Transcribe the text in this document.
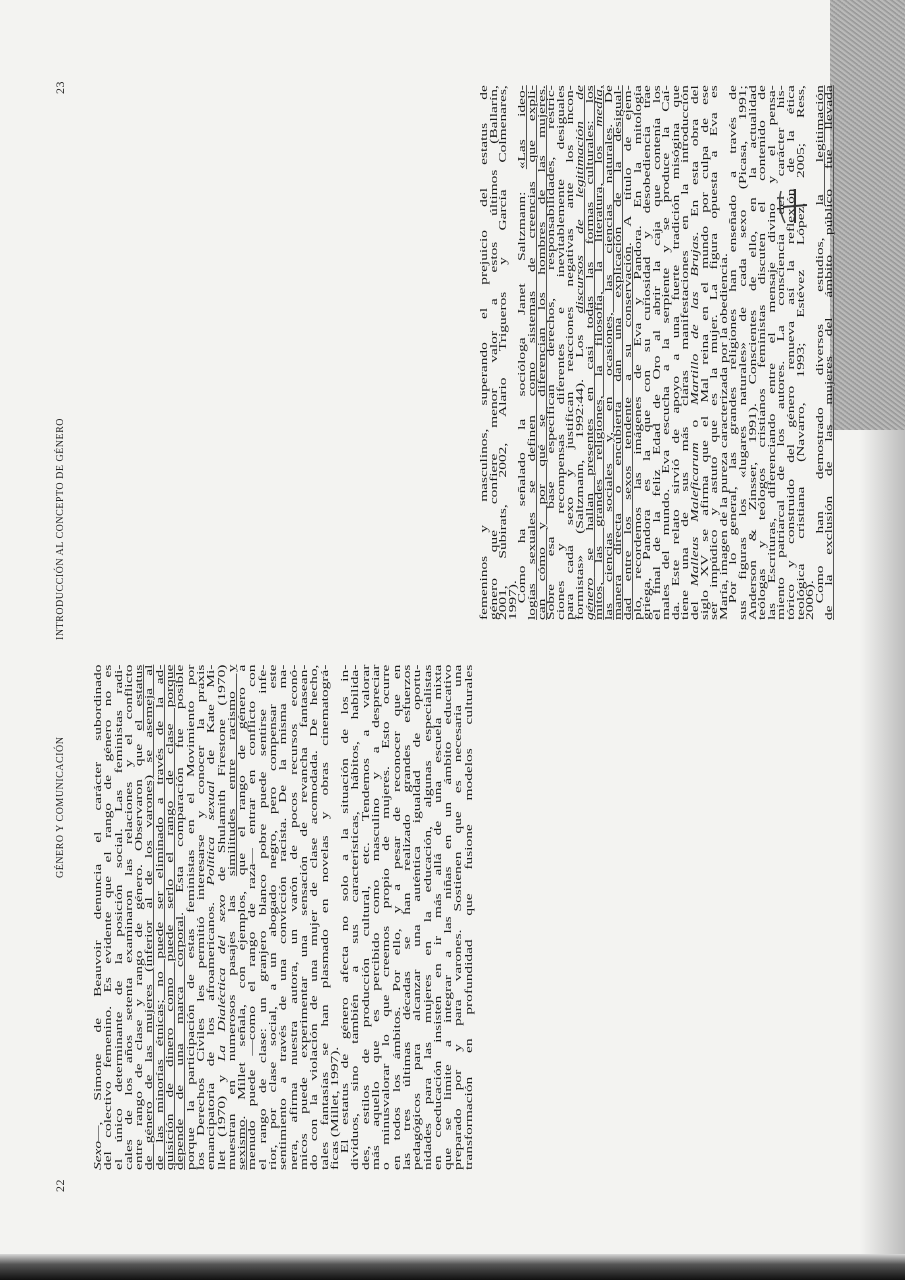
22
GÉNERO Y COMUNICACIÓN
INTRODUCCIÓN AL CONCEPTO DE GÉNERO
23
Sexo—, Simone de Beauvoir denuncia el carácter subordinado
del colectivo femenino. Es evidente que el rango de género no es
el único determinante de la posición social. Las feministas radi-
cales de los años setenta examinaron las relaciones y el conflicto
entre rango de clase y rango de género. Observaron que el estatus
de género de las mujeres (inferior al de los varones) se asemeja al
de las minorías étnicas; no puede ser eliminado a través de la ad-
quisición de dinero como puede serlo el rango de clase porque
depende de una marca corporal. Esta comparación fue posible
porque la participación de estas feministas en el Movimiento por
los Derechos Civiles les permitió interesarse y conocer la praxis
emancipatoria de los afroamericanos. Política sexual de Kate Mi-
llet (1970) y La Dialéctica del sexo de Shulamith Firestone (1970)
muestran en numerosos pasajes las similitudes entre racismo y
sexismo. Millet señala, con ejemplos, que el rango de género a
menudo puede —como el rango de raza— entrar en conflicto con
el rango de clase: un granjero blanco pobre puede sentirse infe-
rior, por clase social, a un abogado negro, pero compensar este
sentimiento a través de una convicción racista. De la misma ma-
nera, afirma nuestra autora, un varón de pocos recursos econó-
micos puede experimentar una sensación de revancha fantasean-
do con la violación de una mujer de clase acomodada. De hecho,
tales fantasías se han plasmado en novelas y obras cinematográ-
ficas (Millet, 1997).
El estatus de género afecta no solo a la situación de los in-
dividuos, sino también a sus características, hábitos, habilida-
des, estilos de producción cultural, etc. Tendemos a valorar
más aquello que es percibido como masculino y a despreciar
o minusvalorar lo que creemos propio de mujeres. Esto ocurre
en todos los ámbitos. Por ello, y a pesar de reconocer que en
las tres últimas décadas se han realizado grandes esfuerzos
pedagógicos para alcanzar una auténtica igualdad de oportu-
nidades para las mujeres en la educación, algunas especialistas
en coeducación insisten en ir más allá de una escuela mixta
que se limite a integrar a las niñas en un ámbito educativo
preparado por y para varones. Sostienen que es necesaria una
transformación en profundidad que fusione modelos culturales
femeninos y masculinos, superando el prejuicio del estatus de
género que confiere menor valor a estos últimos (Ballarín,
2001, Subirats, 2002, Alario Trigueros y García Colmenares,
1997).
Como ha señalado la socióloga Janet Saltzmann: «Las ideo-
logías sexuales se definen como sistemas de creencias que expli-
can cómo y por qué se diferencian los hombres de las mujeres.
Sobre esa base especifican derechos, responsabilidades, restric-
ciones y recompensas diferentes e inevitablemente desiguales
para cada sexo y justifican reacciones negativas ante los incon-
formistas» (Saltzmann, 1992:44). Los discursos de legitimación de
género se hallan presentes en casi todas las formas culturales: los
mitos, las grandes religiones, la filosofía, la literatura, los media,
las ciencias sociales y, en ocasiones, las ciencias naturales. De
manera directa o encubierta dan una explicación de la desigual-
dad entre los sexos tendente a su conservación. A título de ejem-
plo, recordemos las imágenes de Eva y Pandora. En la mitología
griega, Pandora es la que con su curiosidad y desobediencia trae
el final de la feliz Edad de Oro al abrir la caja que contenía los
males del mundo. Eva escucha a la serpiente y se produce la Caí-
da. Este relato sirvió de apoyo a una fuerte tradición misógina que
tiene una de sus más claras manifestaciones en la introducción
del Malleus Maleficarum o Martillo de las Brujas. En esta obra del
siglo XV se afirma que el Mal reina en el mundo por culpa de ese
ser impúdico y astuto que es la mujer. La figura opuesta a Eva es
María, imagen de la pureza caracterizada por la obediencia.
Por lo general, las grandes religiones han enseñado a través de
sus figuras los «lugares naturales» de cada sexo (Picasa, 1991;
Anderson & Zinsser, 1991). Conscientes de ello, en la actualidad
teólogas y teólogos cristianos feministas discuten el contenido de
las Escrituras, diferenciando entre el mensaje divino y el pensa-
miento patriarcal de los autores. La consciencia del carácter his-
tórico y construido del género renueva así la reflexión de la ética
teológica cristiana (Navarro, 1993; Estévez López, 2005; Ress,
2006).
Como han demostrado diversos estudios, la legitimación
de la exclusión de las mujeres del ámbito público fue llevada
